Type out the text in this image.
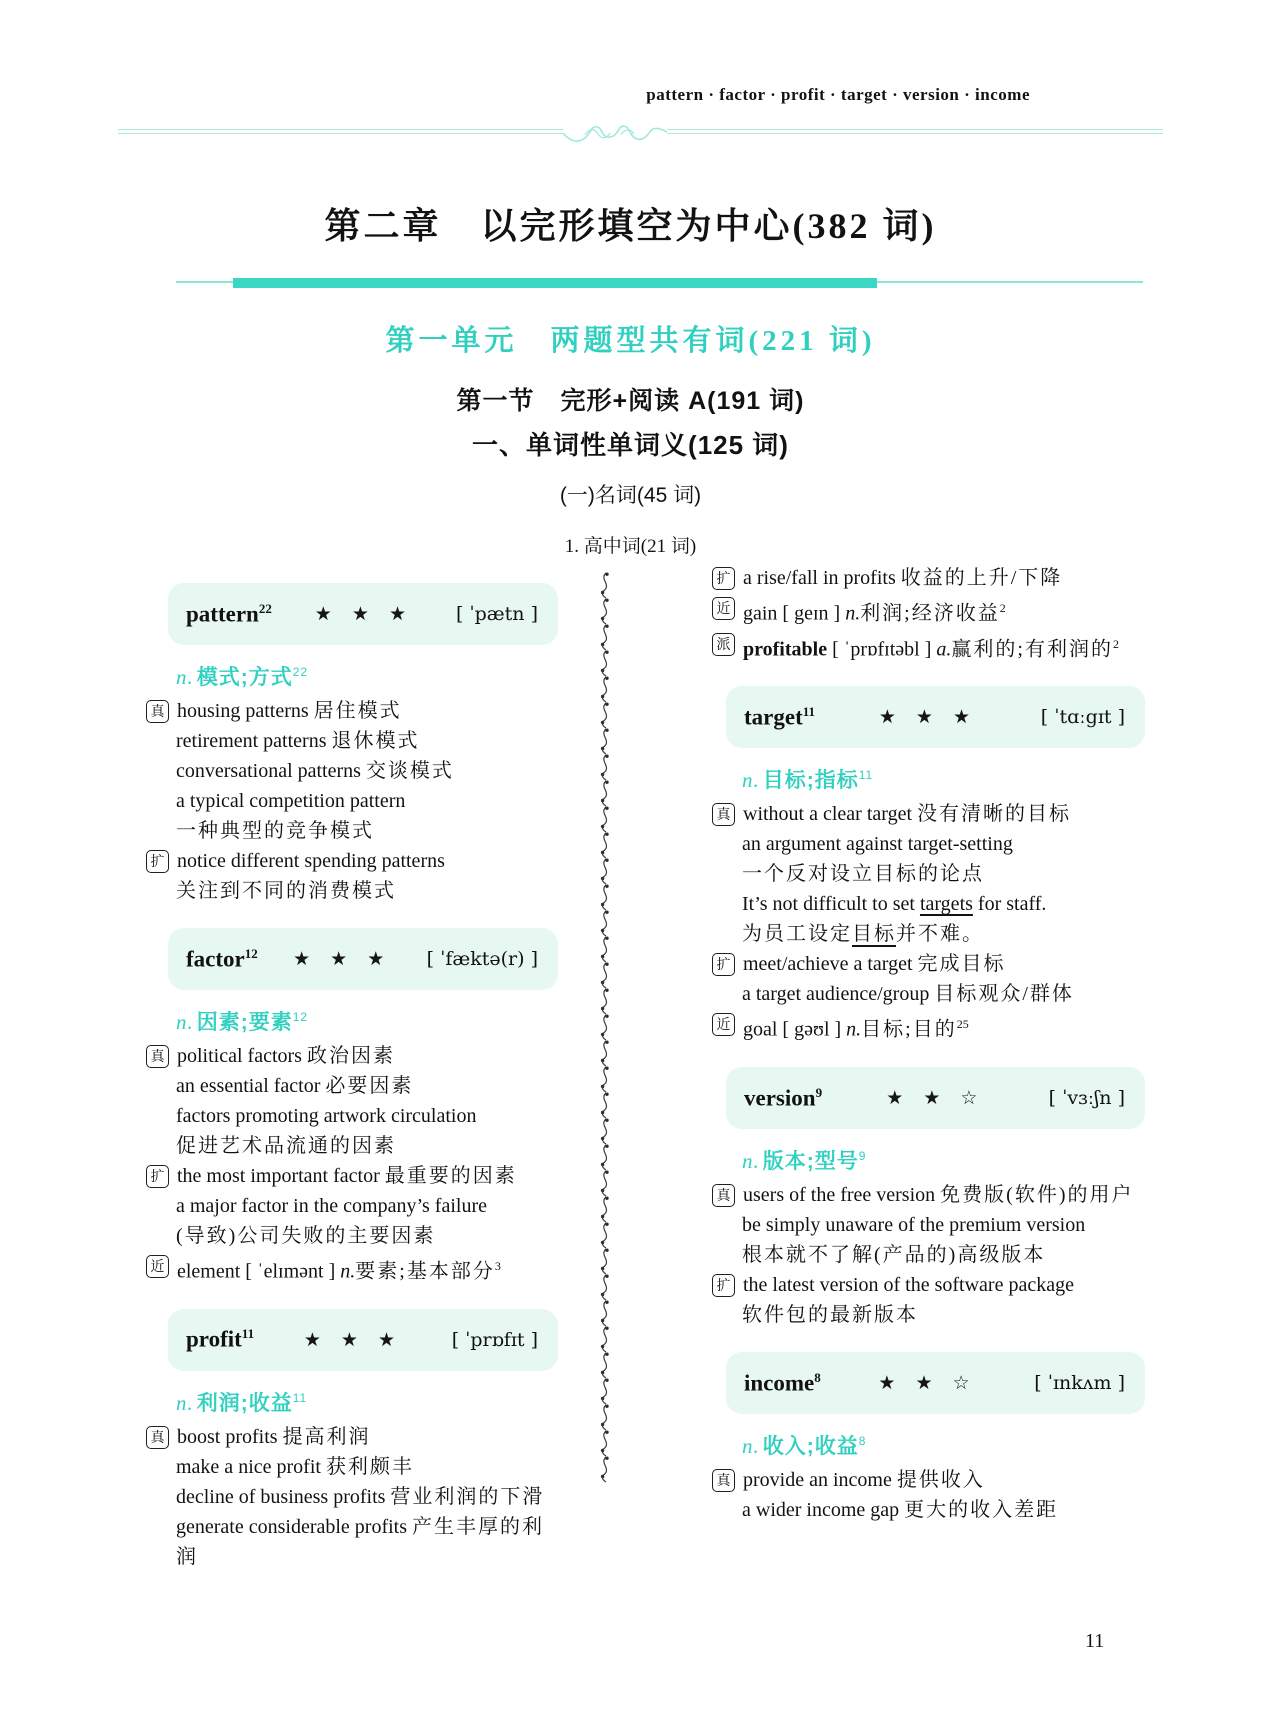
pattern · factor · profit · target · version · income
第二章　以完形填空为中心(382 词)
第一单元　两题型共有词(221 词)
第一节　完形+阅读 A(191 词)
一、单词性单词义(125 词)
(一)名词(45 词)
1. 高中词(21 词)
pattern$^{22}$	★ ★ ★	[ ˈpætn ]
n. 模式;方式$^{22}$
真 housing patterns 居住模式
retirement patterns 退休模式
conversational patterns 交谈模式
a typical competition pattern
一种典型的竞争模式
扩 notice different spending patterns
关注到不同的消费模式
factor$^{12}$	★ ★ ★	[ ˈfæktə(r) ]
n. 因素;要素$^{12}$
真 political factors 政治因素
an essential factor 必要因素
factors promoting artwork circulation
促进艺术品流通的因素
扩 the most important factor 最重要的因素
a major factor in the company’s failure
(导致)公司失败的主要因素
近 element [ ˈelɪmənt ] n.要素;基本部分$^3$
profit$^{11}$	★ ★ ★	[ ˈprɒfɪt ]
n. 利润;收益$^{11}$
真 boost profits 提高利润
make a nice profit 获利颇丰
decline of business profits 营业利润的下滑
generate considerable profits 产生丰厚的利润
扩 a rise/fall in profits 收益的上升/下降
近 gain [ geɪn ] n.利润;经济收益$^2$
派 profitable [ ˈprɒfɪtəbl ] a.赢利的;有利润的$^2$
target$^{11}$	★ ★ ★	[ ˈtɑːgɪt ]
n. 目标;指标$^{11}$
真 without a clear target 没有清晰的目标
an argument against target-setting
一个反对设立目标的论点
It’s not difficult to set targets for staff.
为员工设定目标并不难。
扩 meet/achieve a target 完成目标
a target audience/group 目标观众/群体
近 goal [ gəʊl ] n.目标;目的$^{25}$
version$^9$	★ ★ ☆	[ ˈvɜːʃn ]
n. 版本;型号$^9$
真 users of the free version 免费版(软件)的用户
be simply unaware of the premium version
根本就不了解(产品的)高级版本
扩 the latest version of the software package
软件包的最新版本
income$^8$	★ ★ ☆	[ ˈɪnkʌm ]
n. 收入;收益$^8$
真 provide an income 提供收入
a wider income gap 更大的收入差距
11
